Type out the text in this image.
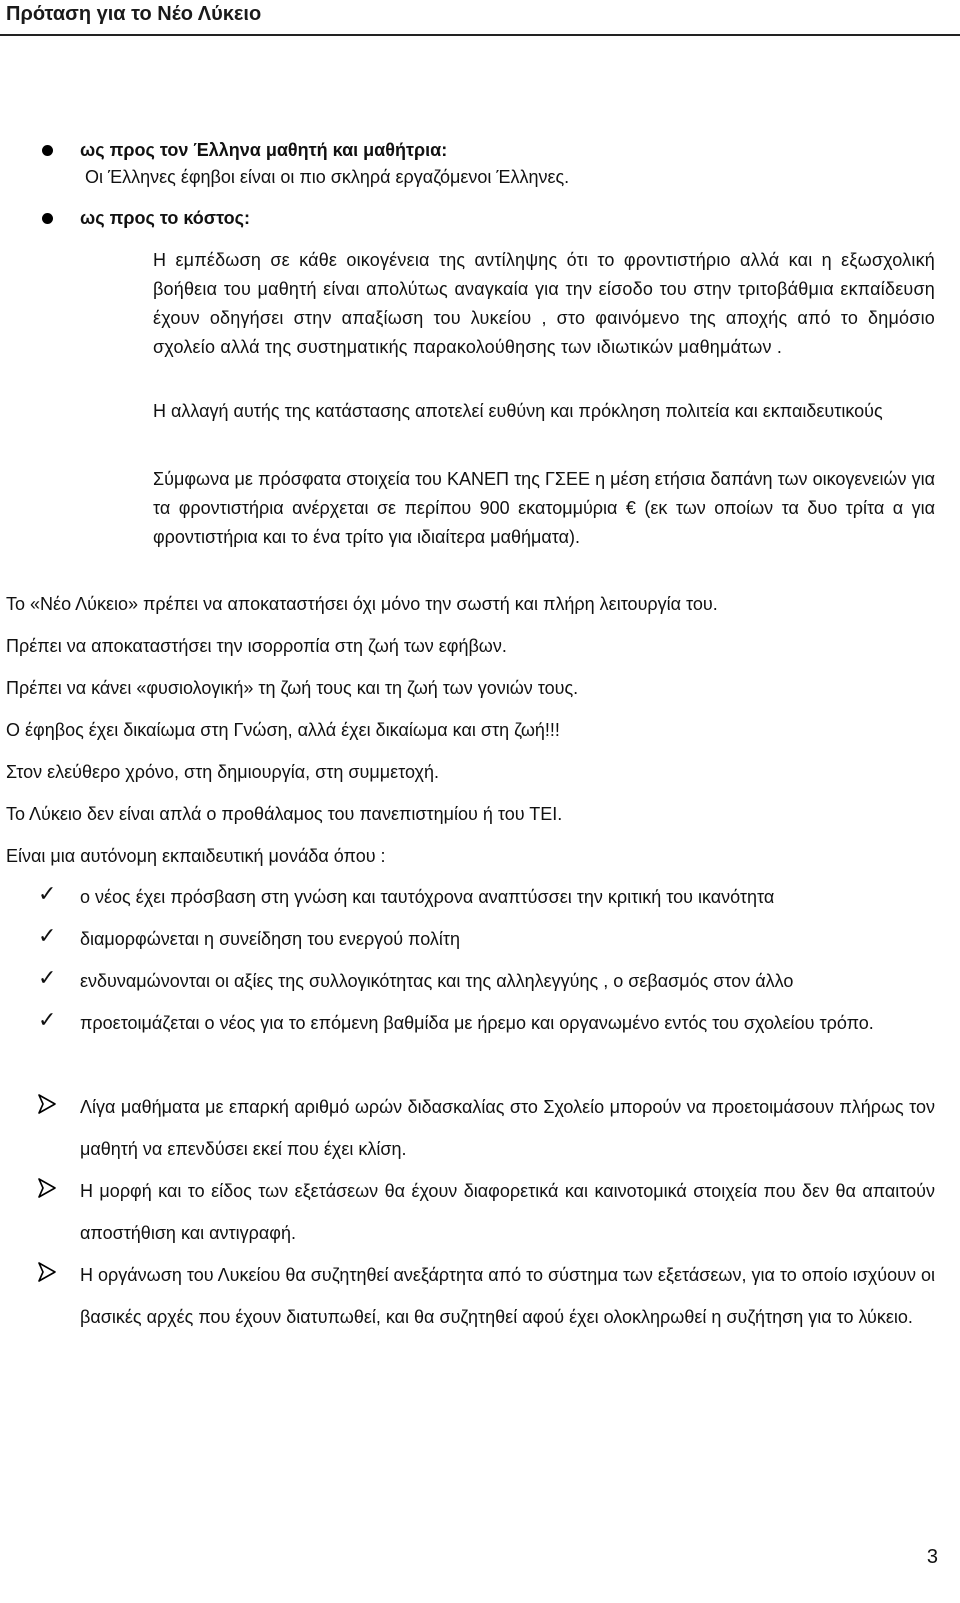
Πρόταση για το Νέο Λύκειο
ως προς τον Έλληνα μαθητή και μαθήτρια:
Οι Έλληνες έφηβοι είναι οι πιο σκληρά εργαζόμενοι Έλληνες.
ως προς το κόστος:
Η εμπέδωση σε κάθε οικογένεια της αντίληψης ότι το φροντιστήριο αλλά και η εξωσχολική βοήθεια του μαθητή είναι απολύτως αναγκαία για την είσοδο του στην τριτοβάθμια εκπαίδευση έχουν οδηγήσει στην απαξίωση του λυκείου , στο φαινόμενο της αποχής από το δημόσιο σχολείο αλλά της συστηματικής παρακολούθησης των ιδιωτικών μαθημάτων .
Η αλλαγή αυτής της κατάστασης αποτελεί ευθύνη και πρόκληση πολιτεία και εκπαιδευτικούς
Σύμφωνα με πρόσφατα στοιχεία του ΚΑΝΕΠ της ΓΣΕΕ η μέση ετήσια δαπάνη των οικογενειών για τα φροντιστήρια ανέρχεται σε περίπου 900 εκατομμύρια € (εκ των οποίων τα δυο τρίτα α για φροντιστήρια και το ένα τρίτο για ιδιαίτερα μαθήματα).
Το «Νέο Λύκειο» πρέπει να αποκαταστήσει όχι μόνο την σωστή και πλήρη λειτουργία του.
Πρέπει να αποκαταστήσει την ισορροπία στη ζωή των εφήβων.
Πρέπει να κάνει «φυσιολογική» τη ζωή τους και τη ζωή των γονιών τους.
Ο έφηβος έχει δικαίωμα στη Γνώση, αλλά έχει δικαίωμα και στη ζωή!!!
Στον ελεύθερο χρόνο, στη δημιουργία, στη συμμετοχή.
Το Λύκειο δεν είναι απλά ο προθάλαμος του πανεπιστημίου ή του ΤΕΙ.
Είναι μια αυτόνομη εκπαιδευτική μονάδα όπου :
✓ ο νέος έχει πρόσβαση στη γνώση και ταυτόχρονα αναπτύσσει την κριτική του ικανότητα
✓ διαμορφώνεται η συνείδηση του ενεργού πολίτη
✓ ενδυναμώνονται οι αξίες της συλλογικότητας και της αλληλεγγύης , ο σεβασμός στον άλλο
✓ προετοιμάζεται ο νέος για το επόμενη βαθμίδα με ήρεμο και οργανωμένο εντός του σχολείου τρόπο.
Λίγα μαθήματα με επαρκή αριθμό ωρών διδασκαλίας στο Σχολείο μπορούν να προετοιμάσουν πλήρως τον μαθητή να επενδύσει εκεί που έχει κλίση.
Η μορφή και το είδος των εξετάσεων θα έχουν διαφορετικά και καινοτομικά στοιχεία που δεν θα απαιτούν αποστήθιση και αντιγραφή.
Η οργάνωση του Λυκείου θα συζητηθεί ανεξάρτητα από το σύστημα των εξετάσεων, για το οποίο ισχύουν οι βασικές αρχές που έχουν διατυπωθεί, και θα συζητηθεί αφού έχει ολοκληρωθεί η συζήτηση για το λύκειο.
3
